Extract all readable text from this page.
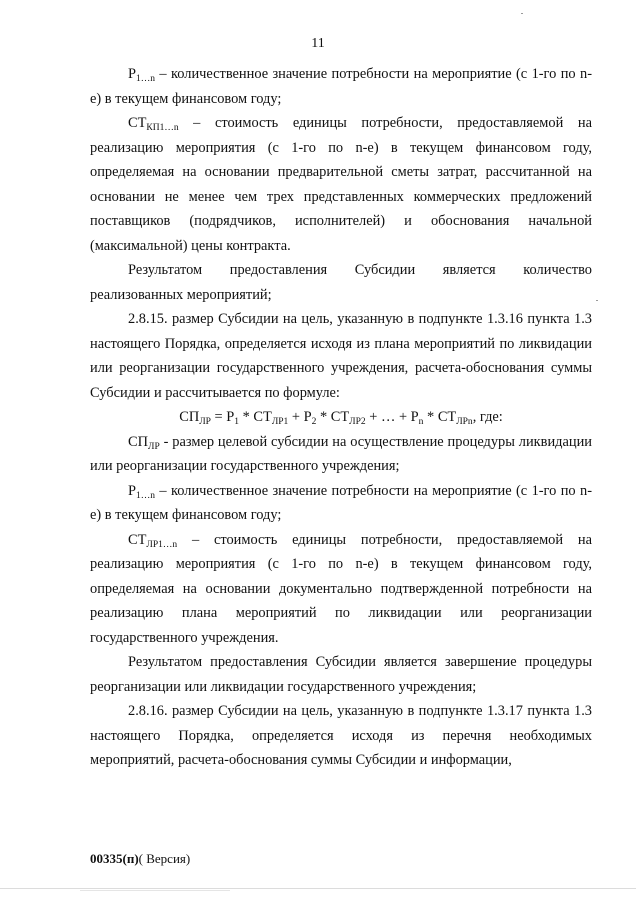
11

$P_{1\dots n}$ – количественное значение потребности на мероприятие (с 1-го по n-е) в текущем финансовом году;

$СТ_{КП1\dots n}$ – стоимость единицы потребности, предоставляемой на реализацию мероприятия (с 1-го по n-е) в текущем финансовом году, определяемая на основании предварительной сметы затрат, рассчитанной на основании не менее чем трех представленных коммерческих предложений поставщиков (подрядчиков, исполнителей) и обоснования начальной (максимальной) цены контракта.

Результатом предоставления Субсидии является количество реализованных мероприятий;

2.8.15. размер Субсидии на цель, указанную в подпункте 1.3.16 пункта 1.3 настоящего Порядка, определяется исходя из плана мероприятий по ликвидации или реорганизации государственного учреждения, расчета-обоснования суммы Субсидии и рассчитывается по формуле:

$СП_{ЛР} = P_1 * СТ_{ЛР1} + P_2 * СТ_{ЛР2}$ + … + $P_n * СТ_{ЛРn}$, где:

$СП_{ЛР}$ - размер целевой субсидии на осуществление процедуры ликвидации или реорганизации государственного учреждения;

$P_{1\dots n}$ – количественное значение потребности на мероприятие (с 1-го по n-е) в текущем финансовом году;

$СТ_{ЛР1\dots n}$ – стоимость единицы потребности, предоставляемой на реализацию мероприятия (с 1-го по n-е) в текущем финансовом году, определяемая на основании документально подтвержденной потребности на реализацию плана мероприятий по ликвидации или реорганизации государственного учреждения.

Результатом предоставления Субсидии является завершение процедуры реорганизации или ликвидации государственного учреждения;

2.8.16. размер Субсидии на цель, указанную в подпункте 1.3.17 пункта 1.3 настоящего Порядка, определяется исходя из перечня необходимых мероприятий, расчета-обоснования суммы Субсидии и информации,

00335(п)( Версия)
